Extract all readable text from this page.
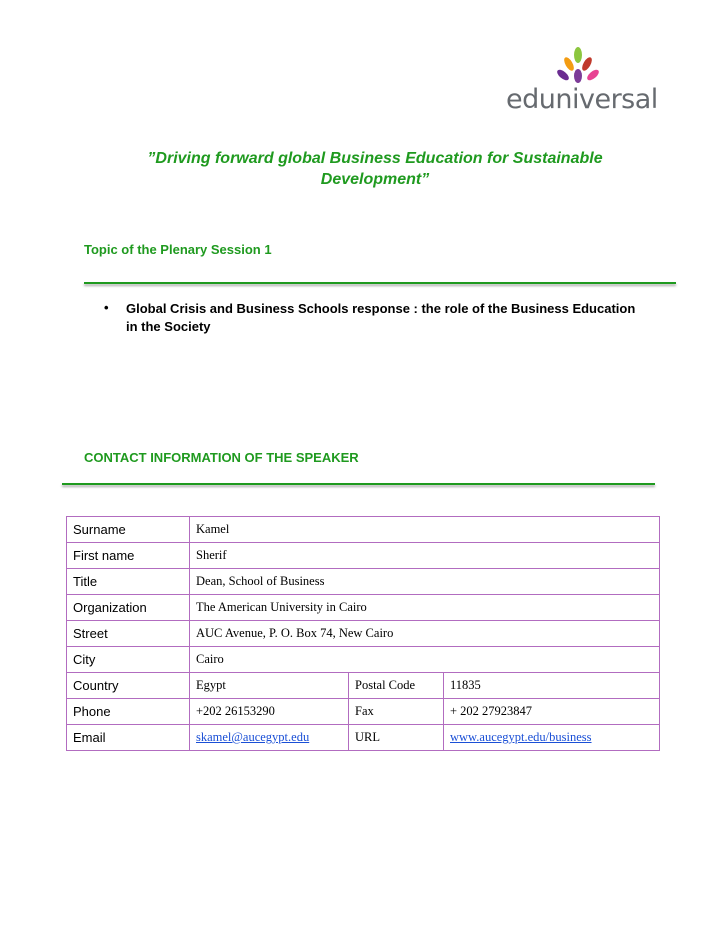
eduniversal
”Driving forward global Business Education for Sustainable Development”
Topic of the Plenary Session 1
• Global Crisis and Business Schools response : the role of the Business Education in the Society
CONTACT INFORMATION OF THE SPEAKER
Surname	Kamel		
First name	Sherif		
Title	Dean, School of Business		
Organization	The American University in Cairo		
Street	AUC Avenue, P. O. Box 74, New Cairo		
City	Cairo		
Country	Egypt	Postal Code	11835
Phone	+202 26153290	Fax	+ 202 27923847
Email	skamel@aucegypt.edu	URL	www.aucegypt.edu/business
